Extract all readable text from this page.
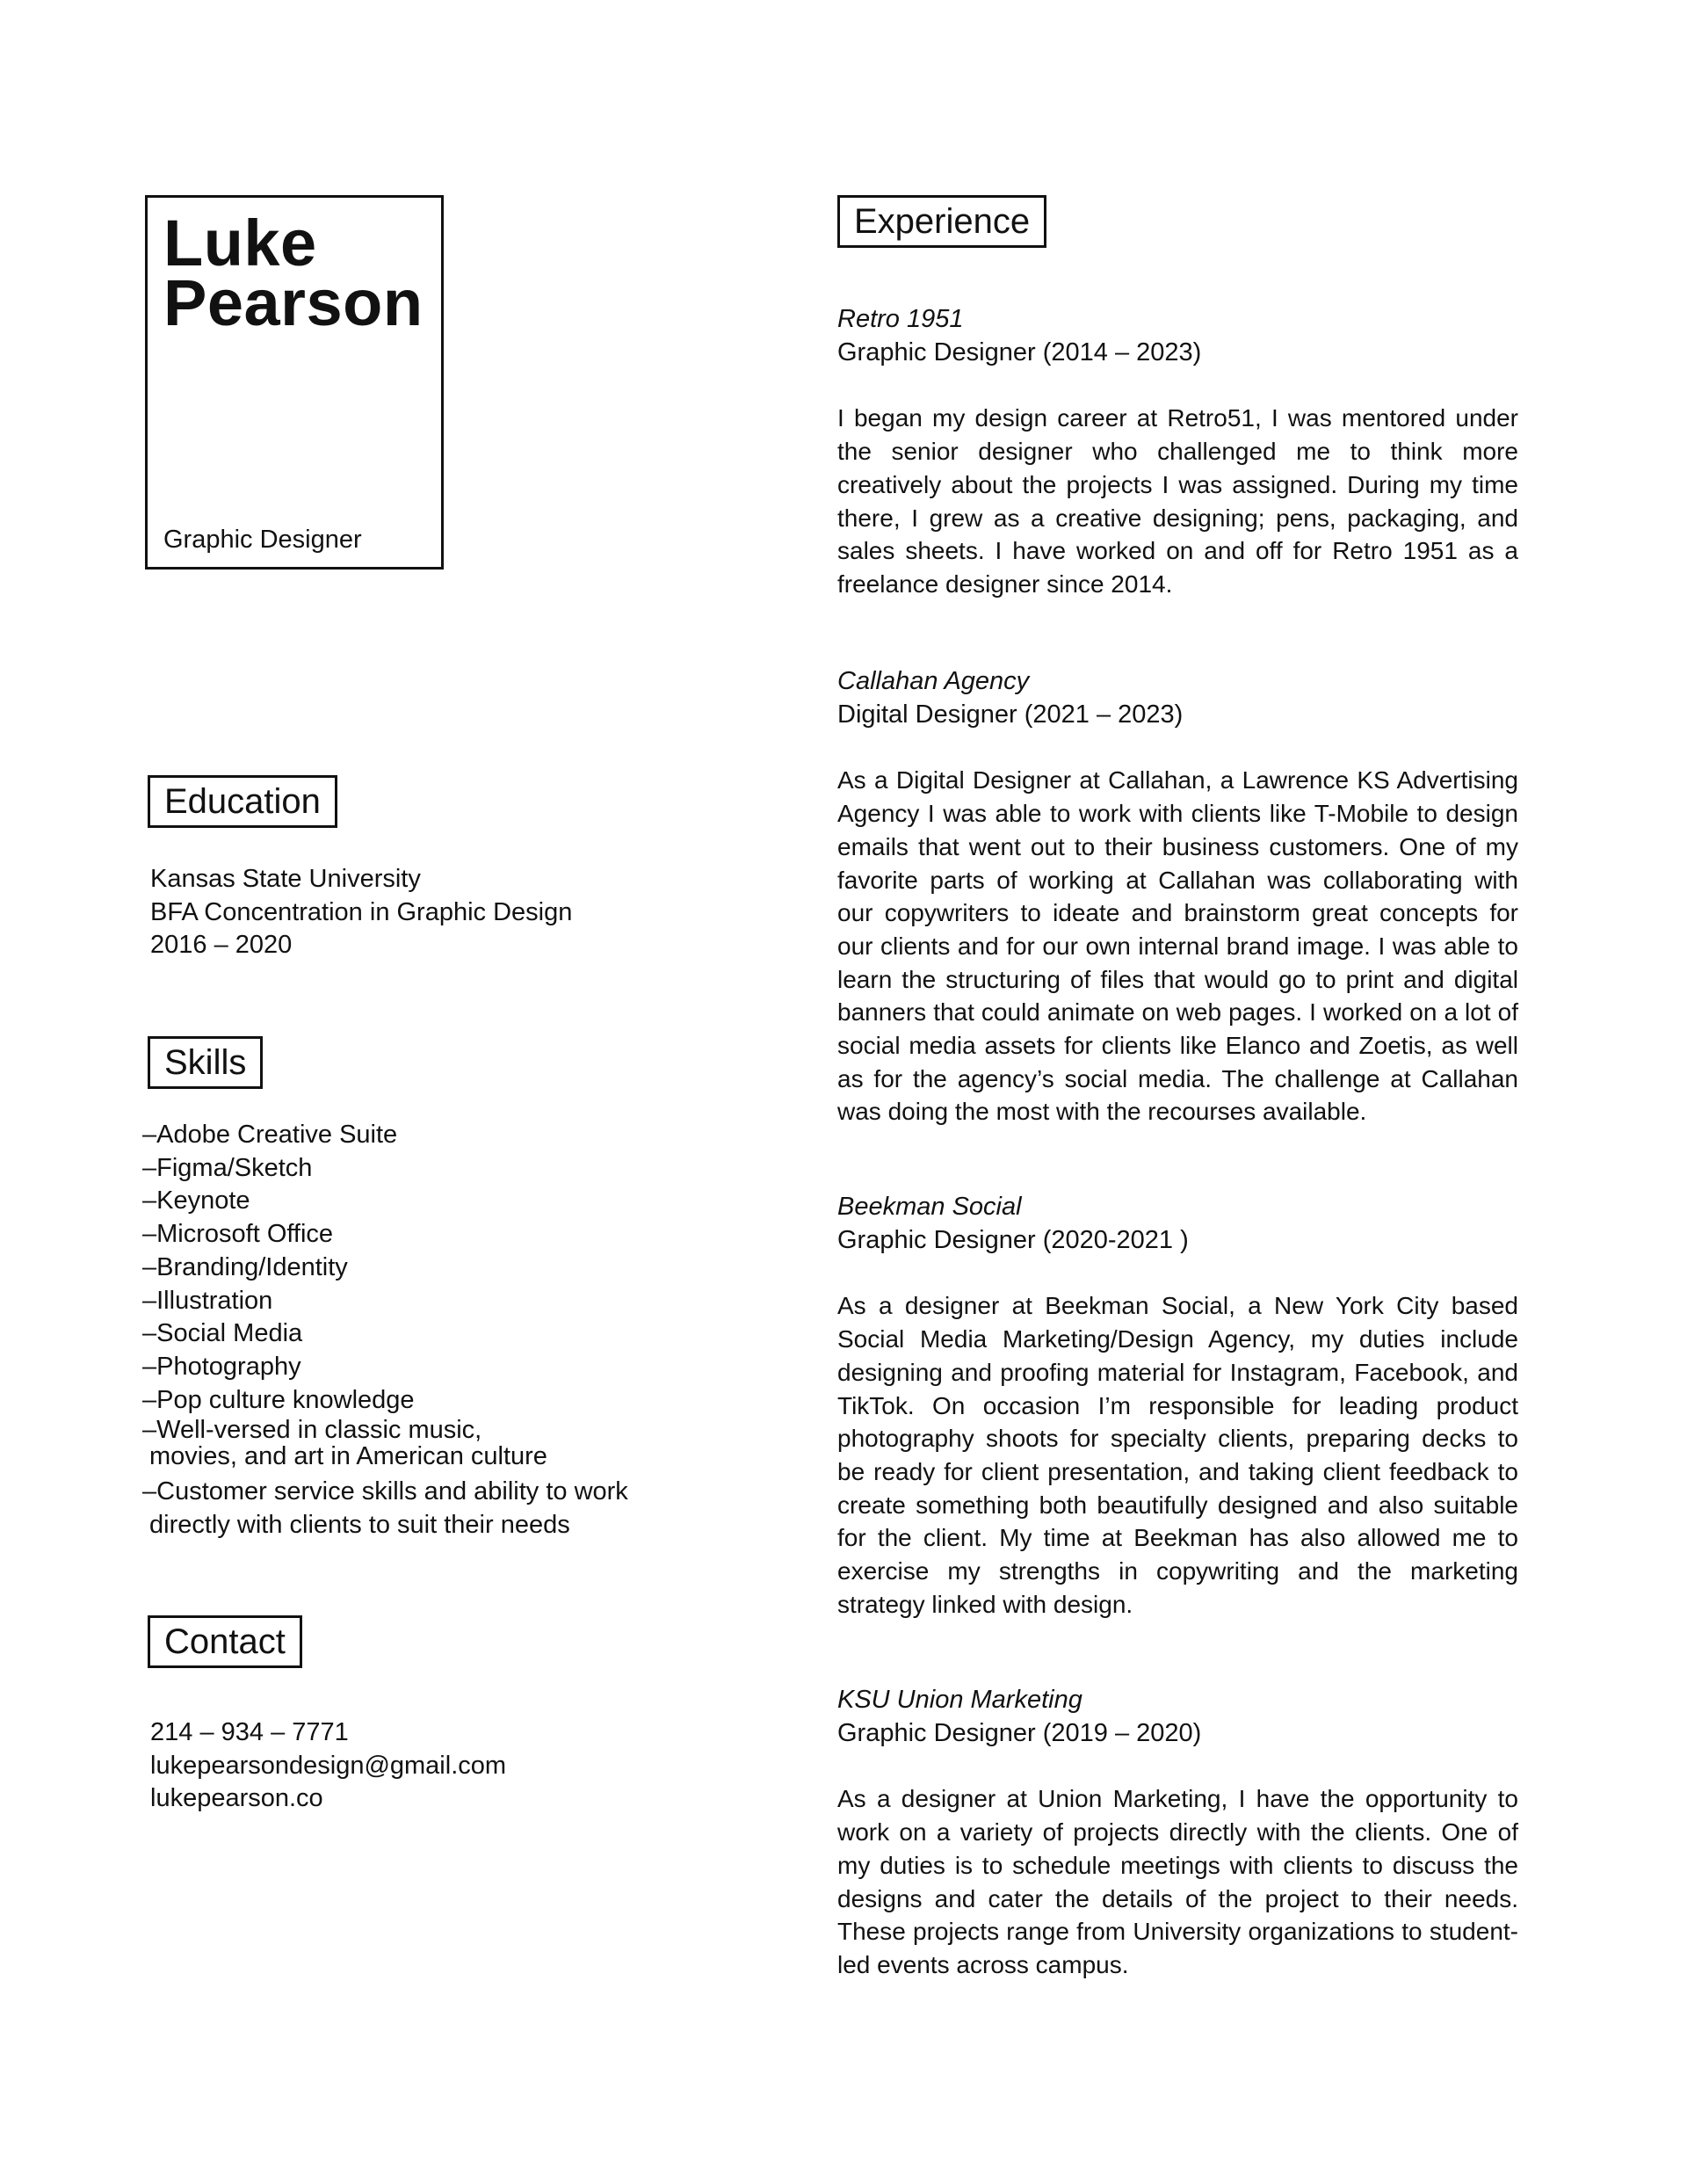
Luke
Pearson
Graphic Designer
Education
Kansas State University
BFA Concentration in Graphic Design
2016 – 2020
Skills
–Adobe Creative Suite
–Figma/Sketch
–Keynote
–Microsoft Office
–Branding/Identity
–Illustration
–Social Media
–Photography
–Pop culture knowledge
–Well-versed in classic music,
movies, and art in American culture
–Customer service skills and ability to work
directly with clients to suit their needs
Contact
214 – 934 – 7771
lukepearsondesign@gmail.com
lukepearson.co
Experience
Retro 1951
Graphic Designer (2014 – 2023)
I began my design career at Retro51, I was mentored under the senior designer who challenged me to think more creatively about the projects I was assigned. During my time there, I grew as a creative designing; pens, packaging, and sales sheets. I have worked on and off for Retro 1951 as a freelance designer since 2014.
Callahan Agency
Digital Designer (2021 – 2023)
As a Digital Designer at Callahan, a Lawrence KS Advertising Agency I was able to work with clients like T-Mobile to design emails that went out to their business customers. One of my favorite parts of working at Callahan was collaborating with our copywriters to ideate and brainstorm great concepts for our clients and for our own internal brand image. I was able to learn the structuring of files that would go to print and digital banners that could animate on web pages. I worked on a lot of social media assets for clients like Elanco and Zoetis, as well as for the agency’s social media. The challenge at Callahan was doing the most with the recourses available.
Beekman Social
Graphic Designer (2020-2021 )
As a designer at Beekman Social, a New York City based Social Media Marketing/Design Agency, my duties include designing and proofing material for Instagram, Facebook, and TikTok. On occasion I’m responsible for leading product photography shoots for specialty clients, preparing decks to be ready for client presentation, and taking client feedback to create something both beautifully designed and also suitable for the client. My time at Beekman has also allowed me to exercise my strengths in copywriting and the marketing strategy linked with design.
KSU Union Marketing
Graphic Designer (2019 – 2020)
As a designer at Union Marketing, I have the opportunity to work on a variety of projects directly with the clients. One of my duties is to schedule meetings with clients to discuss the designs and cater the details of the project to their needs. These projects range from University organizations to student-led events across campus.
